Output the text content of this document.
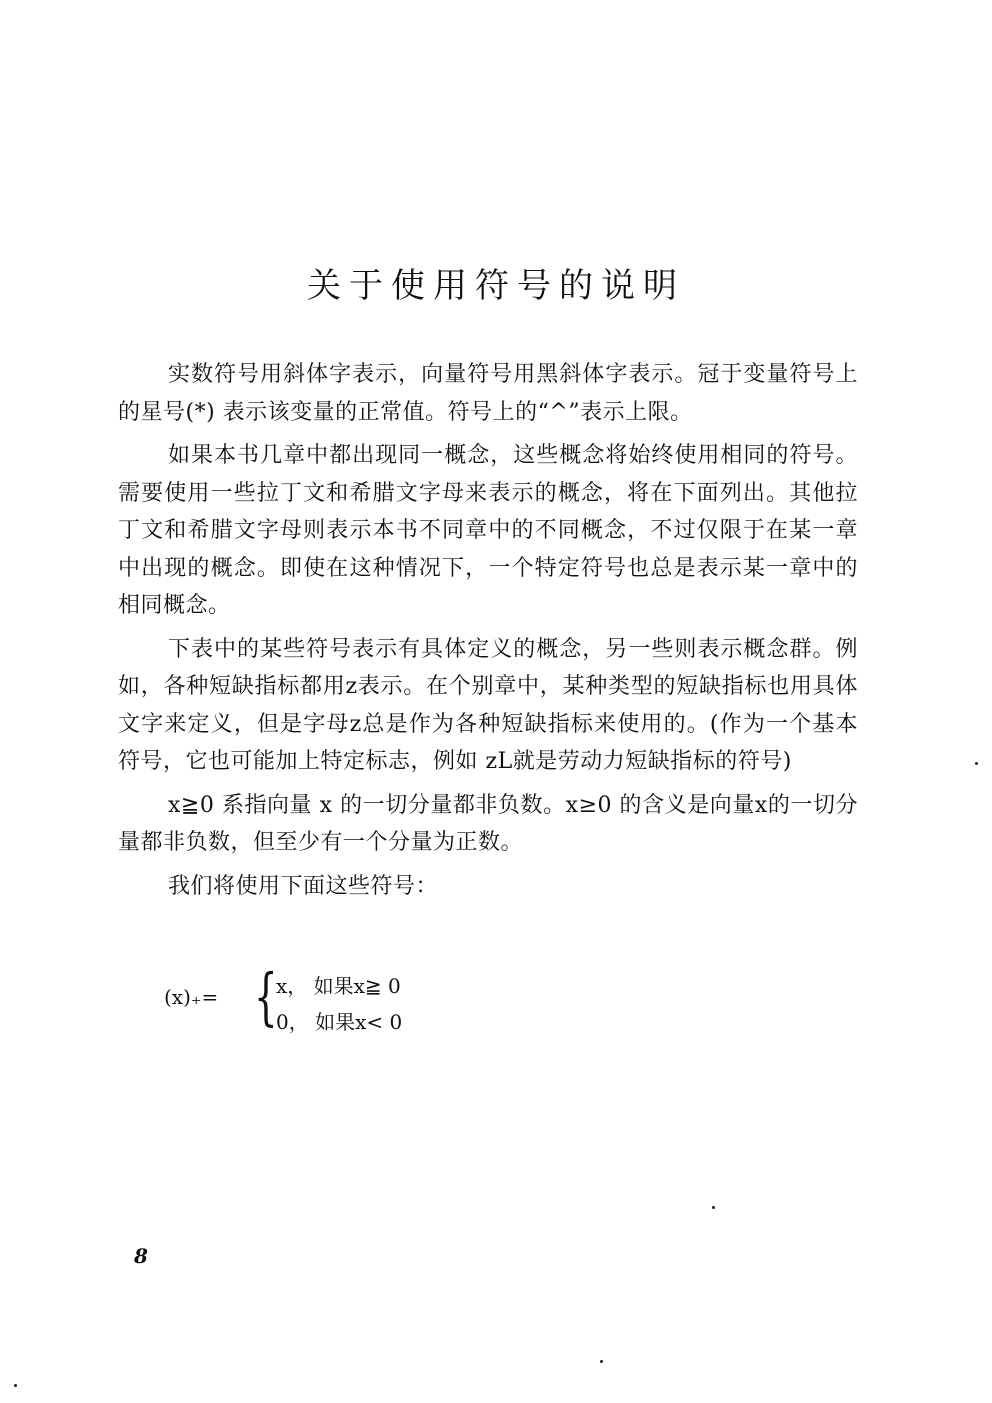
关于使用符号的说明

实数符号用斜体字表示，向量符号用黑斜体字表示。冠于变量符号上的星号(*) 表示该变量的正常值。符号上的“^”表示上限。

如果本书几章中都出现同一概念，这些概念将始终使用相同的符号。需要使用一些拉丁文和希腊文字母来表示的概念，将在下面列出。其他拉丁文和希腊文字母则表示本书不同章中的不同概念，不过仅限于在某一章中出现的概念。即使在这种情况下，一个特定符号也总是表示某一章中的相同概念。

下表中的某些符号表示有具体定义的概念，另一些则表示概念群。例如，各种短缺指标都用z表示。在个别章中，某种类型的短缺指标也用具体文字来定义，但是字母z总是作为各种短缺指标来使用的。(作为一个基本符号，它也可能加上特定标志，例如 zL就是劳动力短缺指标的符号)

x≧0 系指向量 x 的一切分量都非负数。x≥0 的含义是向量x的一切分量都非负数，但至少有一个分量为正数。

我们将使用下面这些符号：

(x)₊= {
x， 如果x≧ 0
0， 如果x< 0
8
